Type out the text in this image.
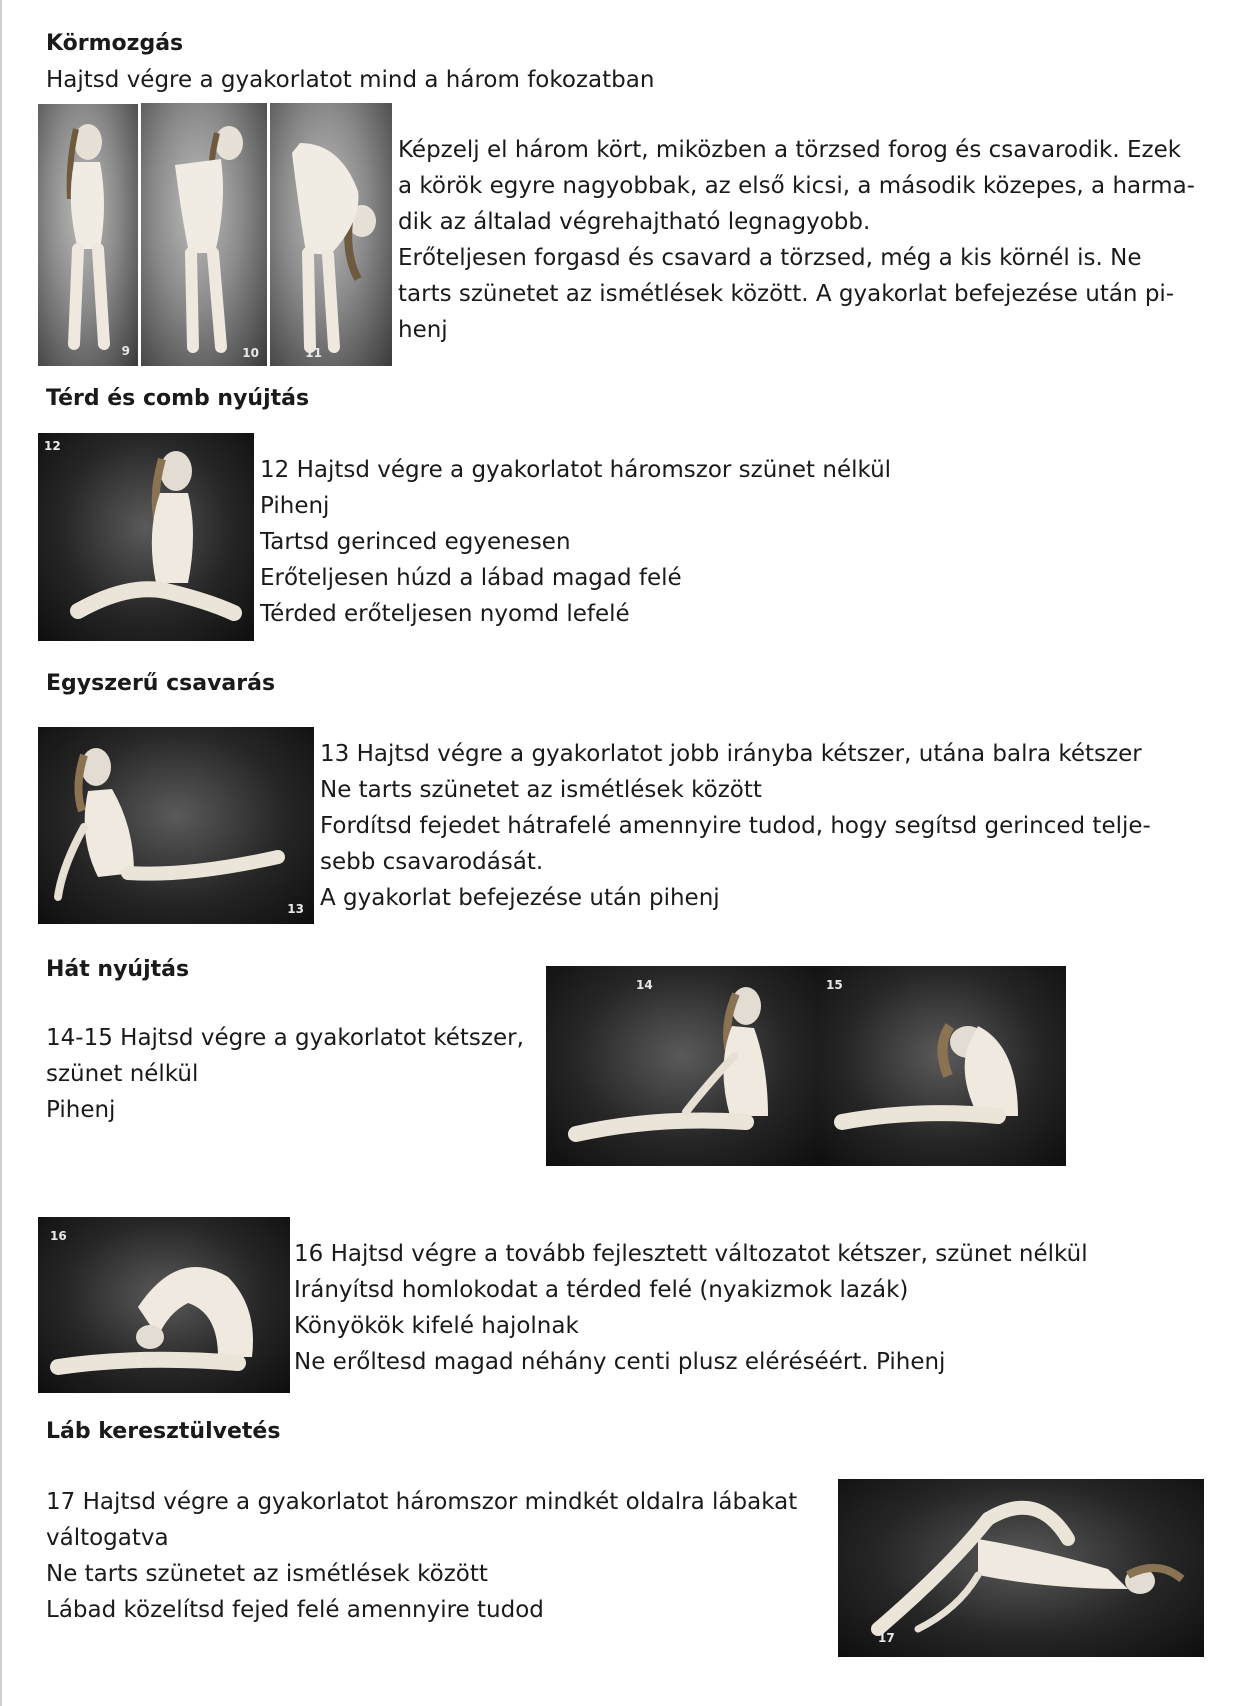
Körmozgás
Hajtsd végre a gyakorlatot mind a három fokozatban
9	10	11
Képzelj el három kört, miközben a törzsed forog és csavarodik. Ezek
a körök egyre nagyobbak, az első kicsi, a második közepes, a harma-
dik az általad végrehajtható legnagyobb.
Erőteljesen forgasd és csavard a törzsed, még a kis körnél is. Ne
tarts szünetet az ismétlések között. A gyakorlat befejezése után pi-
henj
Térd és comb nyújtás
12
12 Hajtsd végre a gyakorlatot háromszor szünet nélkül
Pihenj
Tartsd gerinced egyenesen
Erőteljesen húzd a lábad magad felé
Térded erőteljesen nyomd lefelé
Egyszerű csavarás
13
13 Hajtsd végre a gyakorlatot jobb irányba kétszer, utána balra kétszer
Ne tarts szünetet az ismétlések között
Fordítsd fejedet hátrafelé amennyire tudod, hogy segítsd gerinced telje-
sebb csavarodását.
A gyakorlat befejezése után pihenj
Hát nyújtás
14-15 Hajtsd végre a gyakorlatot kétszer,
szünet nélkül
Pihenj
14	15
16
16 Hajtsd végre a tovább fejlesztett változatot kétszer, szünet nélkül
Irányítsd homlokodat a térded felé (nyakizmok lazák)
Könyökök kifelé hajolnak
Ne erőltesd magad néhány centi plusz eléréséért. Pihenj
Láb keresztülvetés
17 Hajtsd végre a gyakorlatot háromszor mindkét oldalra lábakat
váltogatva
Ne tarts szünetet az ismétlések között
Lábad közelítsd fejed felé amennyire tudod
17
